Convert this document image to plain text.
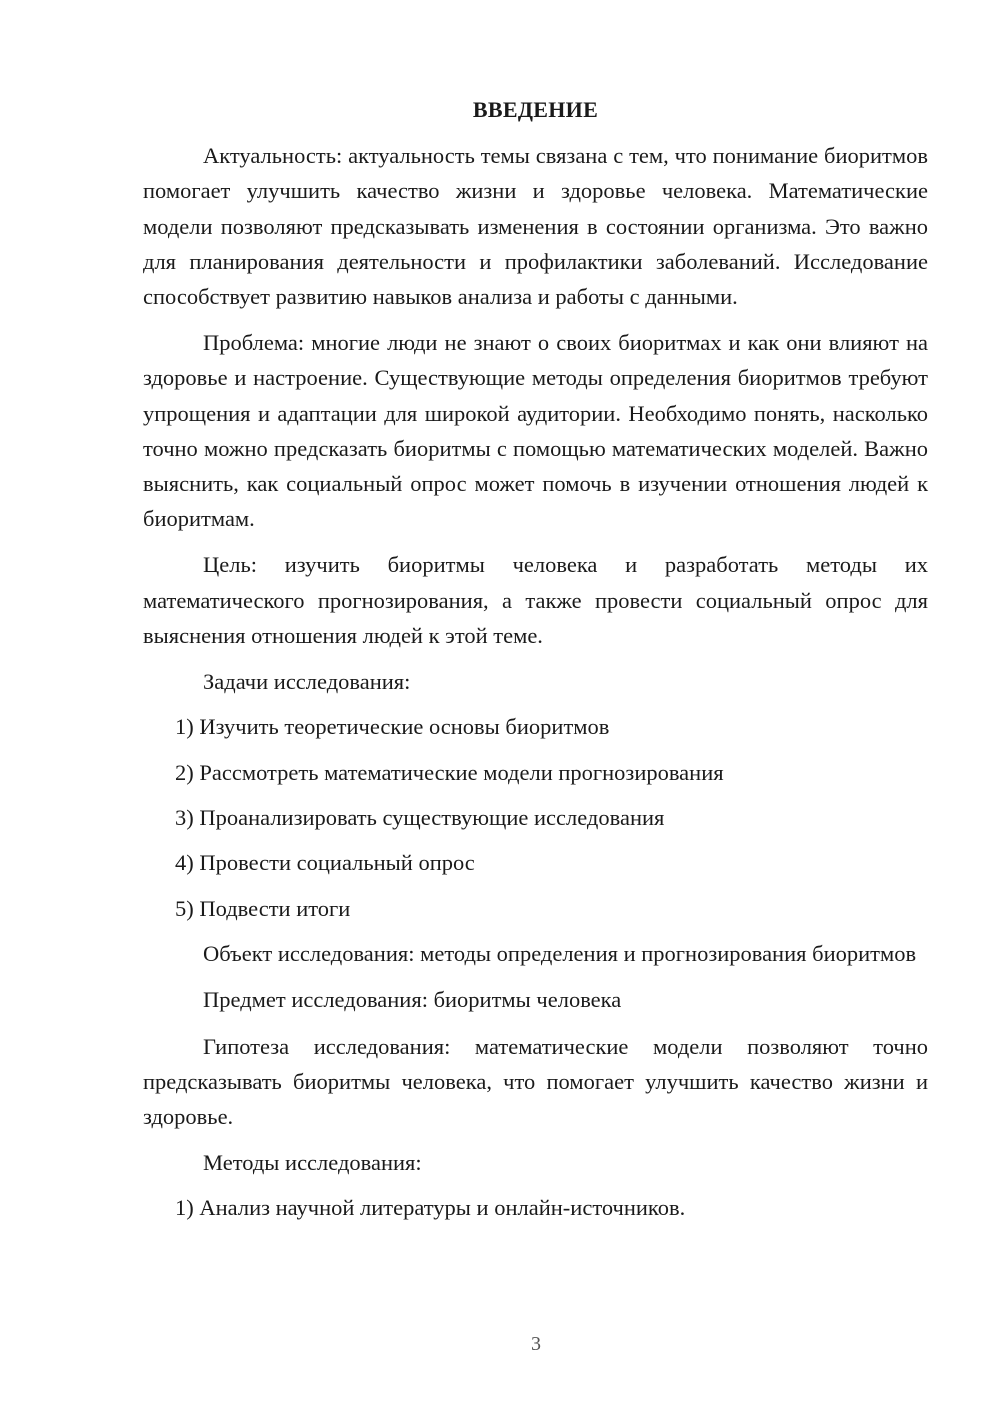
ВВЕДЕНИЕ

Актуальность: актуальность темы связана с тем, что понимание биоритмов помогает улучшить качество жизни и здоровье человека. Математические модели позволяют предсказывать изменения в состоянии организма. Это важно для планирования деятельности и профилактики заболеваний. Исследование способствует развитию навыков анализа и работы с данными.

Проблема: многие люди не знают о своих биоритмах и как они влияют на здоровье и настроение. Существующие методы определения биоритмов требуют упрощения и адаптации для широкой аудитории. Необходимо понять, насколько точно можно предсказать биоритмы с помощью математических моделей. Важно выяснить, как социальный опрос может помочь в изучении отношения людей к биоритмам.

Цель: изучить биоритмы человека и разработать методы их математического прогнозирования, а также провести социальный опрос для выяснения отношения людей к этой теме.

Задачи исследования:
1) Изучить теоретические основы биоритмов
2) Рассмотреть математические модели прогнозирования
3) Проанализировать существующие исследования
4) Провести социальный опрос
5) Подвести итоги

Объект исследования: методы определения и прогнозирования биоритмов

Предмет исследования: биоритмы человека

Гипотеза исследования: математические модели позволяют точно предсказывать биоритмы человека, что помогает улучшить качество жизни и здоровье.

Методы исследования:
1) Анализ научной литературы и онлайн-источников.
3
